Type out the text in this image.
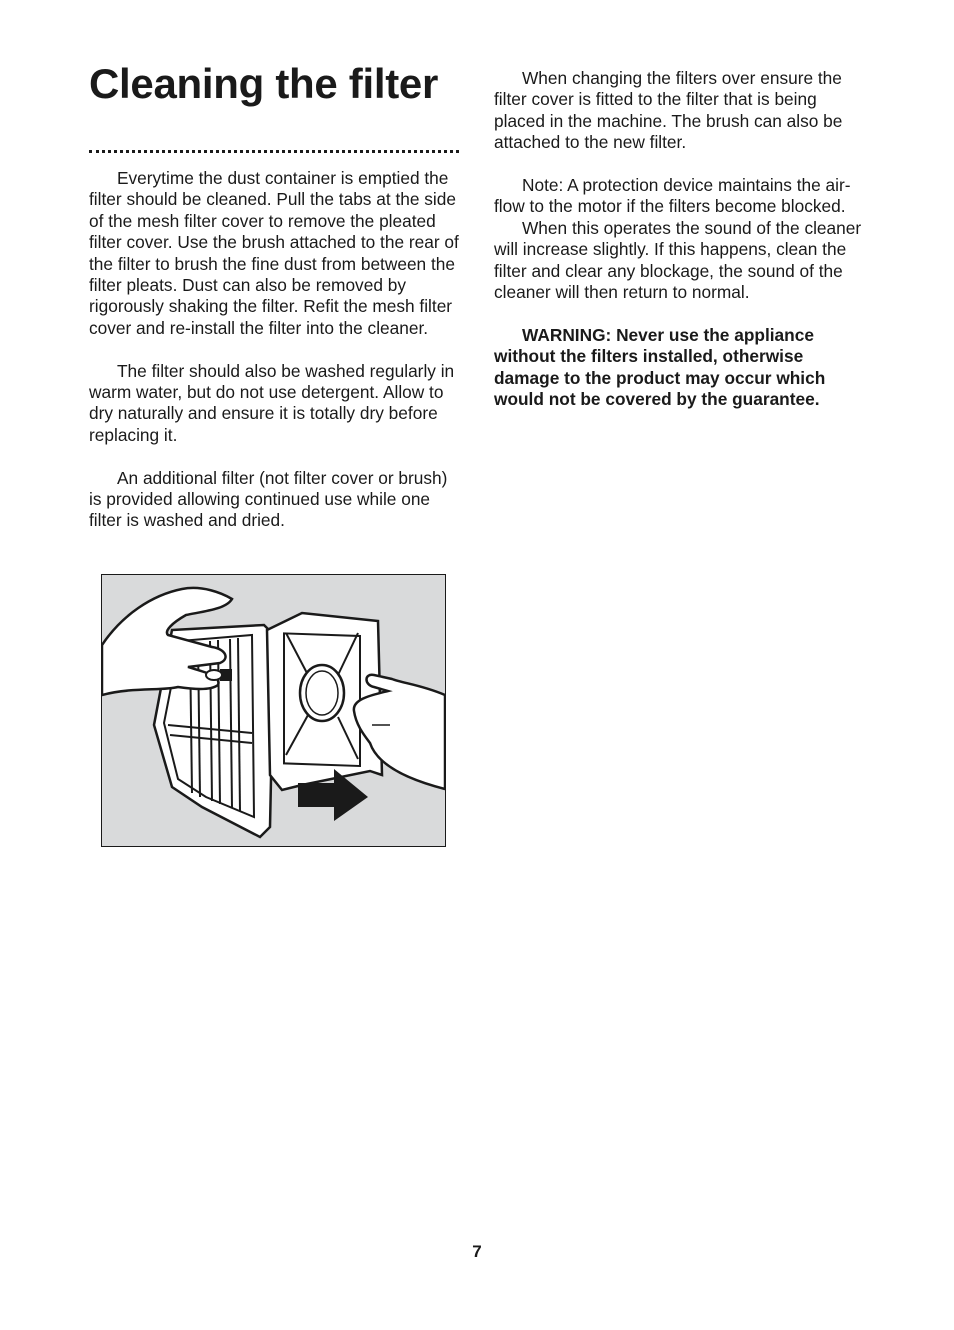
Cleaning the filter

Everytime the dust container is emptied the filter should be cleaned. Pull the tabs at the side of the mesh filter cover to remove the pleated filter cover. Use the brush attached to the rear of the filter to brush the fine dust from between the filter pleats. Dust can also be removed by rigorously shaking the filter. Refit the mesh filter cover and re-install the filter into the cleaner.

The filter should also be washed regularly in warm water, but do not use detergent. Allow to dry naturally and ensure it is totally dry before replacing it.

An additional filter (not filter cover or brush) is provided allowing continued use while one filter is washed and dried.

When changing the filters over ensure the filter cover is fitted to the filter that is being placed in the machine. The brush can also be attached to the new filter.

Note: A protection device maintains the air-flow to the motor if the filters become blocked.

When this operates the sound of the cleaner will increase slightly. If this happens, clean the filter and clear any blockage, the sound of the cleaner will then return to normal.

WARNING: Never use the appliance without the filters installed, otherwise damage to the product may occur which would not be covered by the guarantee.

7
